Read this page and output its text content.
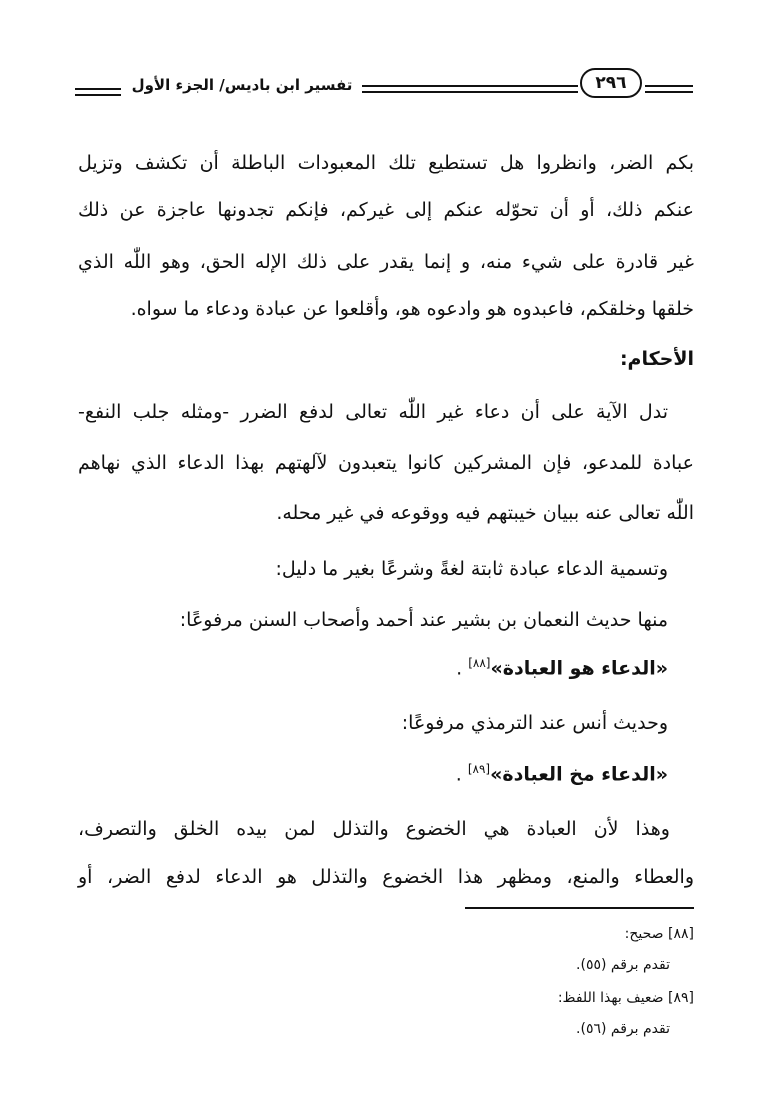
تفسير ابن باديس/ الجزء الأول	٢٩٦
بكم الضر، وانظروا هل تستطيع تلك المعبودات الباطلة أن تكشف وتزيل
عنكم ذلك، أو أن تحوّله عنكم إلى غيركم، فإنكم تجدونها عاجزة عن ذلك
غير قادرة على شيء منه، و إنما يقدر على ذلك الإله الحق، وهو اللّٰه الذي
خلقها وخلقكم، فاعبدوه هو وادعوه هو، وأقلعوا عن عبادة ودعاء ما سواه.
الأحكام:
تدل الآية على أن دعاء غير اللّٰه تعالى لدفع الضرر -ومثله جلب النفع-
عبادة للمدعو، فإن المشركين كانوا يتعبدون لآلهتهم بهذا الدعاء الذي نهاهم
اللّٰه تعالى عنه ببيان خيبتهم فيه ووقوعه في غير محله.
وتسمية الدعاء عبادة ثابتة لغةً وشرعًا بغير ما دليل:
منها حديث النعمان بن بشير عند أحمد وأصحاب السنن مرفوعًا:
«الدعاء هو العبادة»[٨٨] .
وحديث أنس عند الترمذي مرفوعًا:
«الدعاء مخ العبادة»[٨٩] .
وهذا لأن العبادة هي الخضوع والتذلل لمن بيده الخلق والتصرف،
والعطاء والمنع، ومظهر هذا الخضوع والتذلل هو الدعاء لدفع الضر، أو
[٨٨] صحيح:
تقدم برقم (٥٥).
[٨٩] ضعيف بهذا اللفظ:
تقدم برقم (٥٦).
